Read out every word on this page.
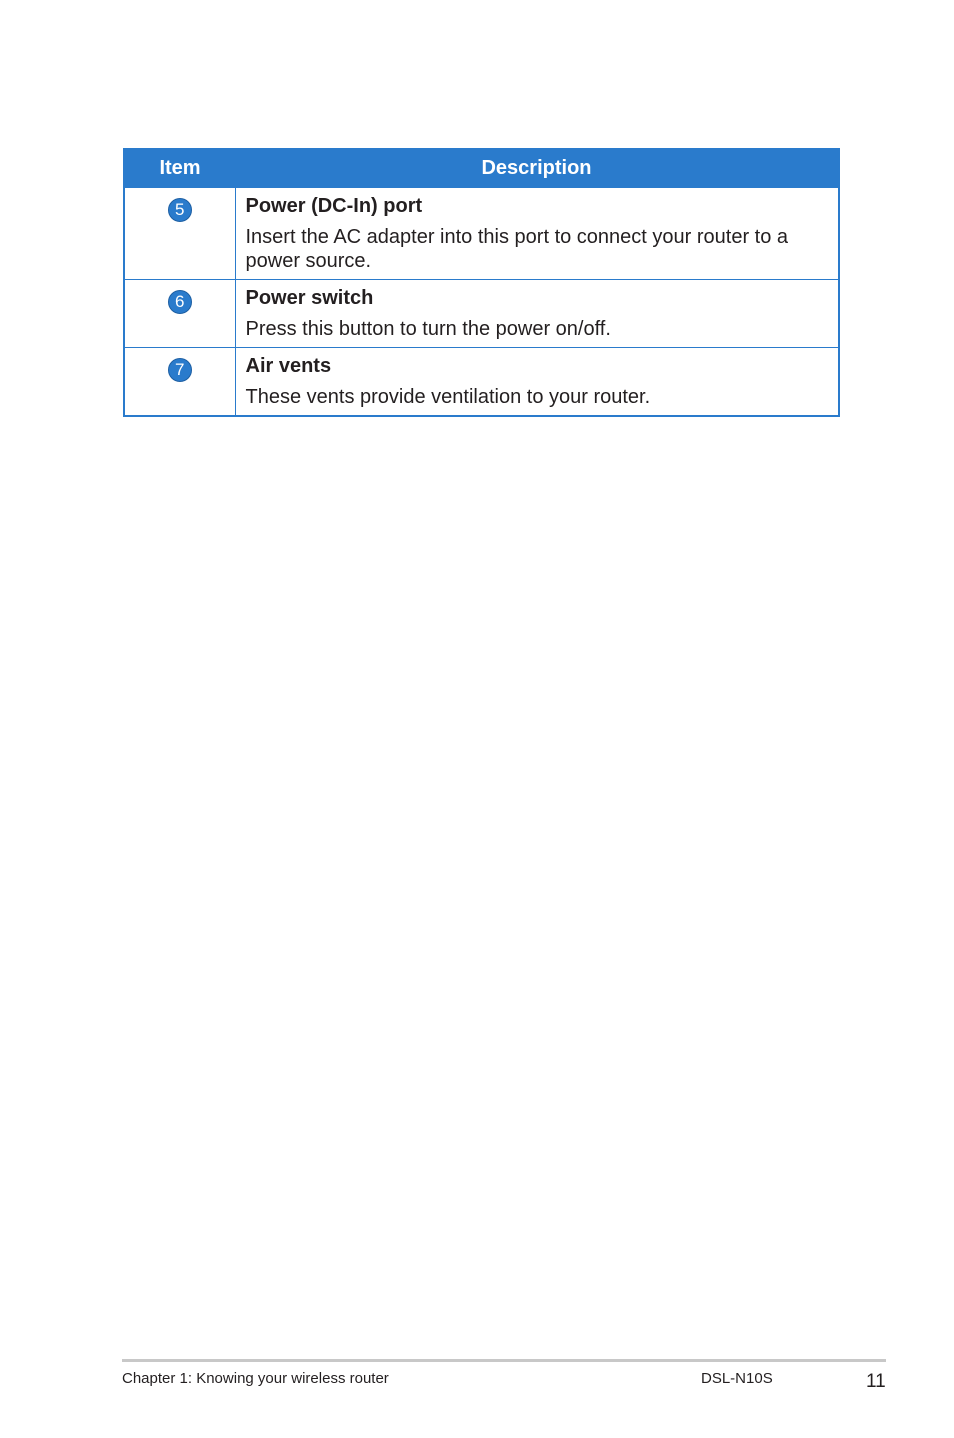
Item	Description
5	Power (DC-In) port
Insert the AC adapter into this port to connect your router to a power source.

6	Power switch
Press this button to turn the power on/off.

7	Air vents
These vents provide ventilation to your router.
Chapter 1: Knowing your wireless router	DSL-N10S	11
